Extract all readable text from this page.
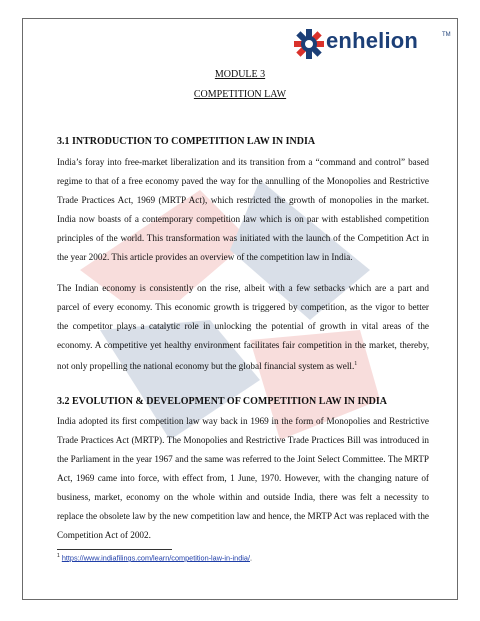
enhelion	TM
MODULE 3
COMPETITION LAW
3.1 INTRODUCTION TO COMPETITION LAW IN INDIA

India’s foray into free-market liberalization and its transition from a “command and control” based regime to that of a free economy paved the way for the annulling of the Monopolies and Restrictive Trade Practices Act, 1969 (MRTP Act), which restricted the growth of monopolies in the market. India now boasts of a contemporary competition law which is on par with established competition principles of the world. This transformation was initiated with the launch of the Competition Act in the year 2002. This article provides an overview of the competition law in India.

The Indian economy is consistently on the rise, albeit with a few setbacks which are a part and parcel of every economy. This economic growth is triggered by competition, as the vigor to better the competitor plays a catalytic role in unlocking the potential of growth in vital areas of the economy. A competitive yet healthy environment facilitates fair competition in the market, thereby, not only propelling the national economy but the global financial system as well.$^1$

3.2 EVOLUTION & DEVELOPMENT OF COMPETITION LAW IN INDIA

India adopted its first competition law way back in 1969 in the form of Monopolies and Restrictive Trade Practices Act (MRTP). The Monopolies and Restrictive Trade Practices Bill was introduced in the Parliament in the year 1967 and the same was referred to the Joint Select Committee. The MRTP Act, 1969 came into force, with effect from, 1 June, 1970. However, with the changing nature of business, market, economy on the whole within and outside India, there was felt a necessity to replace the obsolete law by the new competition law and hence, the MRTP Act was replaced with the Competition Act of 2002.

$^1$ https://www.indiafilings.com/learn/competition-law-in-india/.
